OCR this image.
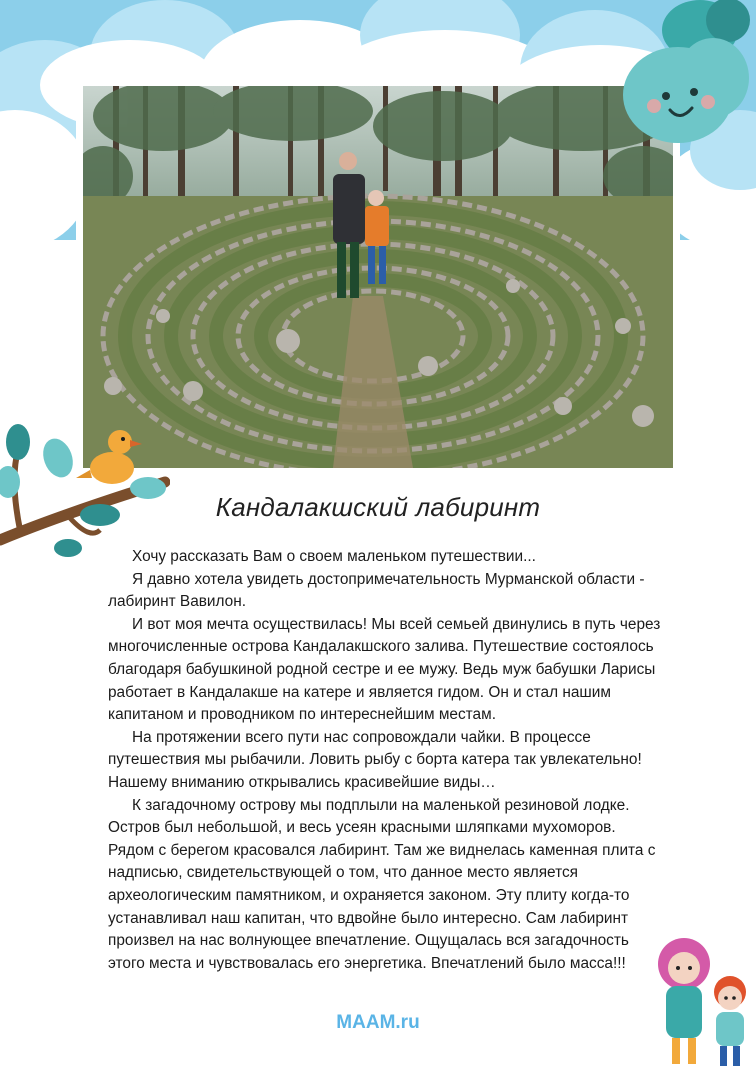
Кандалакшский лабиринт

Хочу рассказать Вам о своем маленьком путешествии...

Я давно хотела увидеть достопримечательность Мурманской области - лабиринт Вавилон.

И вот моя мечта осуществилась! Мы всей семьей двинулись в путь через многочисленные острова Кандалакшского залива. Путешествие состоялось благодаря бабушкиной родной сестре и ее мужу. Ведь муж бабушки Ларисы работает в Кандалакше на катере и является гидом. Он и стал нашим капитаном и проводником по интереснейшим местам.

На протяжении всего пути нас сопровождали чайки. В процессе путешествия мы рыбачили. Ловить рыбу с борта катера так увлекательно! Нашему вниманию открывались красивейшие виды…

К загадочному острову мы подплыли на маленькой резиновой лодке. Остров был небольшой, и весь усеян красными шляпками мухоморов. Рядом с берегом красовался лабиринт. Там же виднелась каменная плита с надписью, свидетельствующей о том, что данное место является археологическим памятником, и охраняется законом. Эту плиту когда-то устанавливал наш капитан, что вдвойне было интересно. Сам лабиринт произвел на нас волнующее впечатление. Ощущалась вся загадочность этого места и чувствовалась его энергетика. Впечатлений было масса!!!

MAAM.ru
